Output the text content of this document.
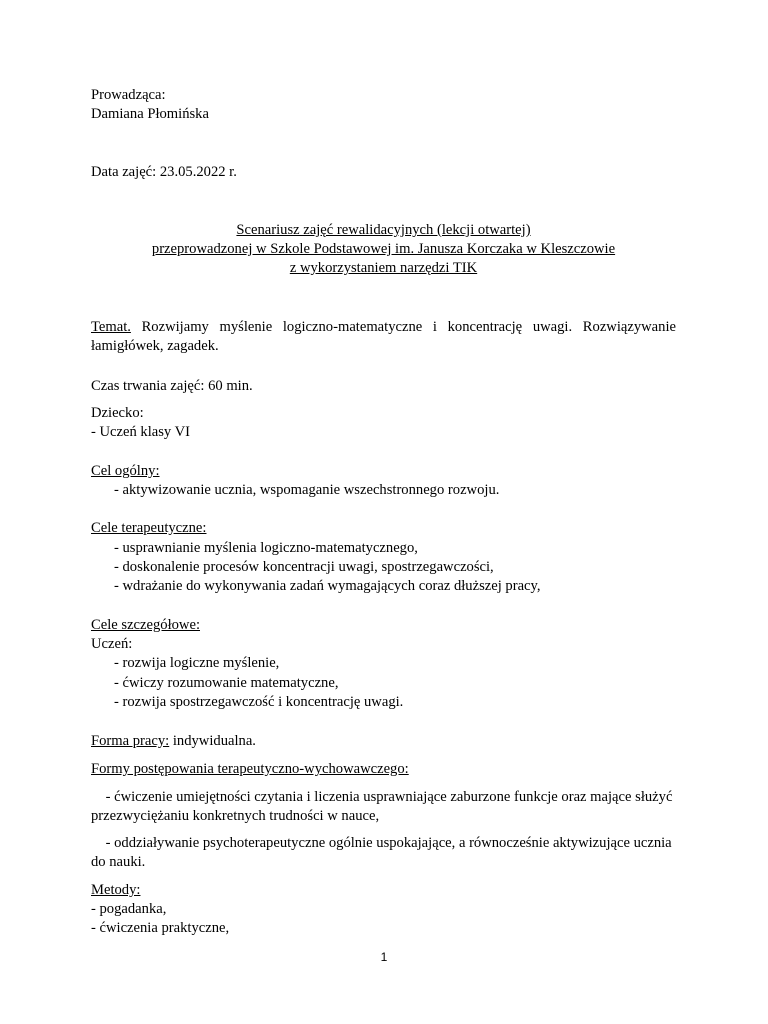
Prowadząca:

Damiana Płomińska

Data zajęć: 23.05.2022 r.

Scenariusz zajęć rewalidacyjnych (lekcji otwartej)

przeprowadzonej w Szkole Podstawowej im. Janusza Korczaka w Kleszczowie

z wykorzystaniem narzędzi TIK

Temat. Rozwijamy myślenie logiczno-matematyczne i koncentrację uwagi. Rozwiązywanie łamigłówek, zagadek.

Czas trwania zajęć: 60 min.

Dziecko:

- Uczeń klasy VI

Cel ogólny:

- aktywizowanie ucznia, wspomaganie wszechstronnego rozwoju.

Cele terapeutyczne:

- usprawnianie myślenia logiczno-matematycznego,

- doskonalenie procesów koncentracji uwagi, spostrzegawczości,

- wdrażanie do wykonywania zadań wymagających coraz dłuższej pracy,

Cele szczegółowe:

Uczeń:

- rozwija logiczne myślenie,

- ćwiczy rozumowanie matematyczne,

- rozwija spostrzegawczość i koncentrację uwagi.

Forma pracy: indywidualna.

Formy postępowania terapeutyczno-wychowawczego:

- ćwiczenie umiejętności czytania i liczenia usprawniające zaburzone funkcje oraz mające służyć przezwyciężaniu konkretnych trudności w nauce,

- oddziaływanie psychoterapeutyczne ogólnie uspokajające, a równocześnie aktywizujące ucznia do nauki.

Metody:

- pogadanka,

- ćwiczenia praktyczne,

1
